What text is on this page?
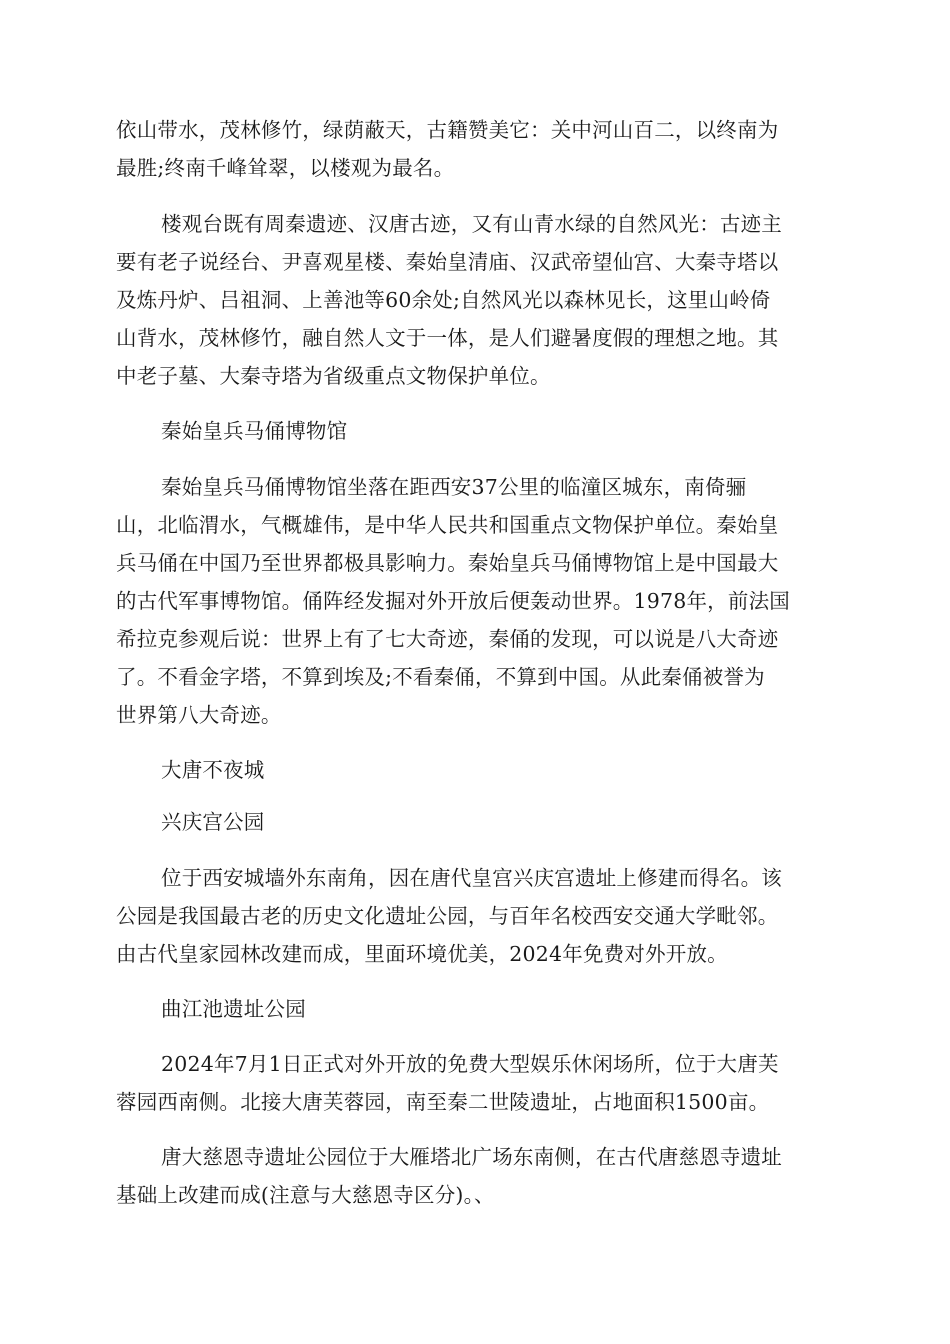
依山带水，茂林修竹，绿荫蔽天，古籍赞美它：关中河山百二，以终南为
最胜;终南千峰耸翠，以楼观为最名。
楼观台既有周秦遗迹、汉唐古迹，又有山青水绿的自然风光：古迹主
要有老子说经台、尹喜观星楼、秦始皇清庙、汉武帝望仙宫、大秦寺塔以
及炼丹炉、吕祖洞、上善池等60余处;自然风光以森林见长，这里山岭倚
山背水，茂林修竹，融自然人文于一体，是人们避暑度假的理想之地。其
中老子墓、大秦寺塔为省级重点文物保护单位。
秦始皇兵马俑博物馆
秦始皇兵马俑博物馆坐落在距西安37公里的临潼区城东，南倚骊
山，北临渭水，气概雄伟，是中华人民共和国重点文物保护单位。秦始皇
兵马俑在中国乃至世界都极具影响力。秦始皇兵马俑博物馆上是中国最大
的古代军事博物馆。俑阵经发掘对外开放后便轰动世界。1978年，前法国
希拉克参观后说：世界上有了七大奇迹，秦俑的发现，可以说是八大奇迹
了。不看金字塔，不算到埃及;不看秦俑，不算到中国。从此秦俑被誉为
世界第八大奇迹。
大唐不夜城
兴庆宫公园
位于西安城墙外东南角，因在唐代皇宫兴庆宫遗址上修建而得名。该
公园是我国最古老的历史文化遗址公园，与百年名校西安交通大学毗邻。
由古代皇家园林改建而成，里面环境优美，2024年免费对外开放。
曲江池遗址公园
2024年7月1日正式对外开放的免费大型娱乐休闲场所，位于大唐芙
蓉园西南侧。北接大唐芙蓉园，南至秦二世陵遗址，占地面积1500亩。
唐大慈恩寺遗址公园位于大雁塔北广场东南侧，在古代唐慈恩寺遗址
基础上改建而成(注意与大慈恩寺区分)。、
